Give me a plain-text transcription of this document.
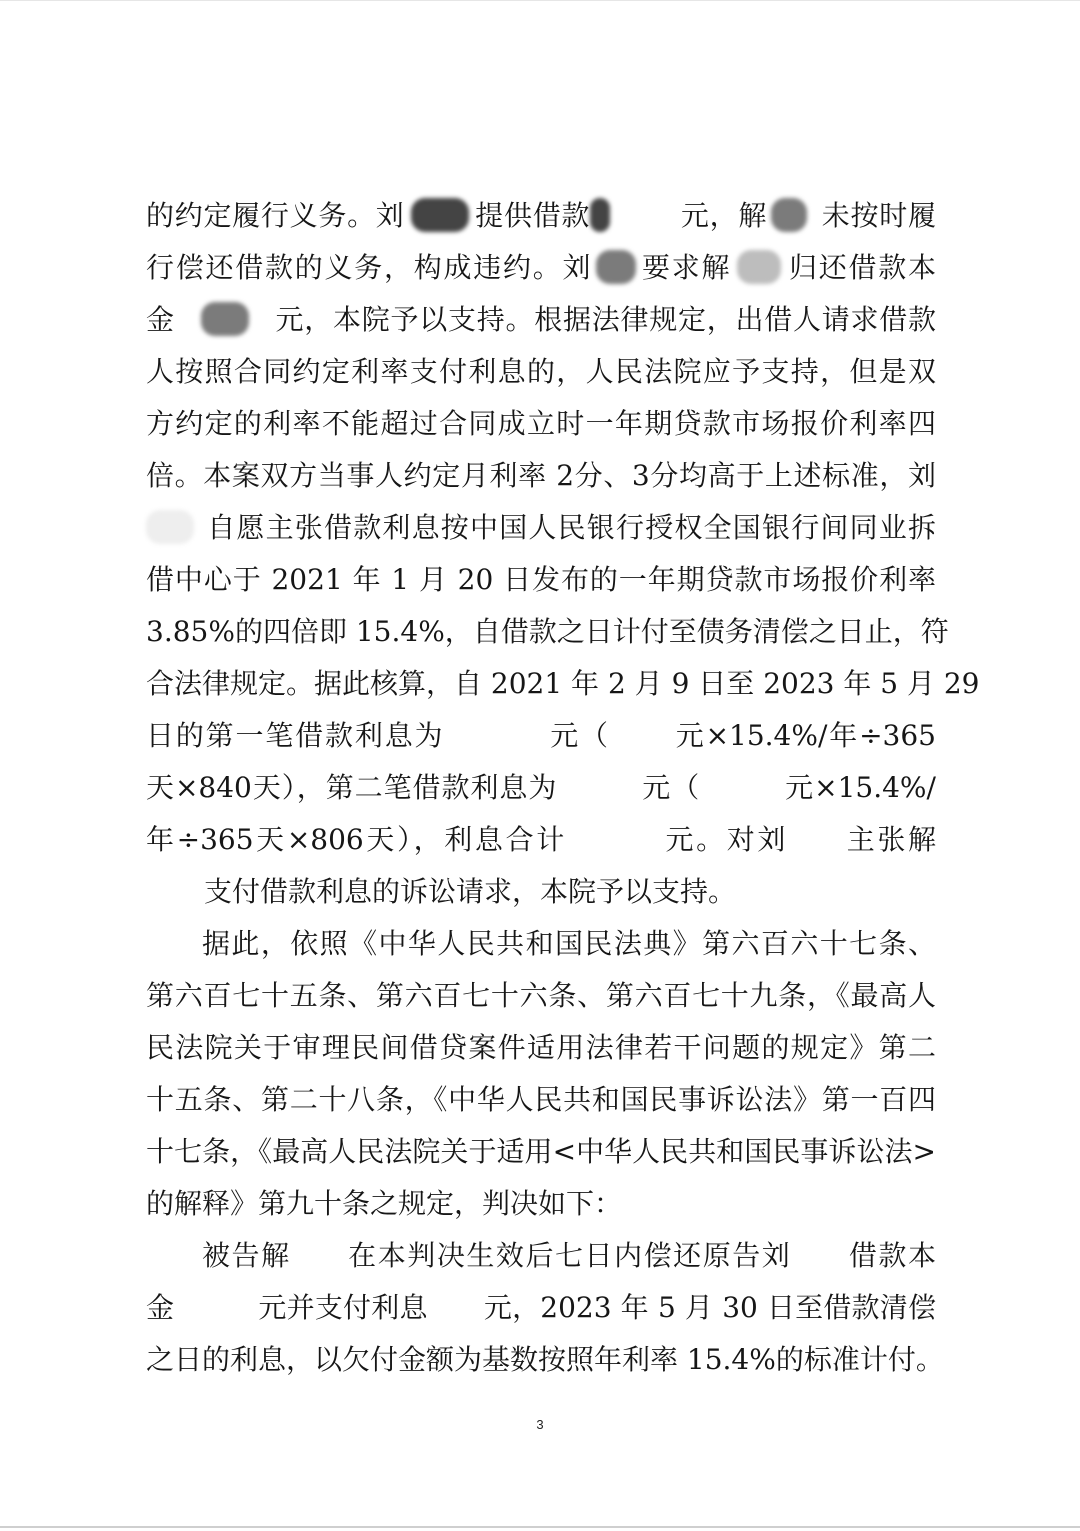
的约定履行义务。刘	提供借款	元，解 未按时履
行偿还借款的义务，构成违约。刘 要求解 归还借款本
金	元，本院予以支持。根据法律规定，出借人请求借款
人按照合同约定利率支付利息的，人民法院应予支持，但是双
方约定的利率不能超过合同成立时一年期贷款市场报价利率四
倍。本案双方当事人约定月利率 2分、3分均高于上述标准，刘
自愿主张借款利息按中国人民银行授权全国银行间同业拆
借中心于 2021 年 1 月 20 日发布的一年期贷款市场报价利率
3.85%的四倍即 15.4%，自借款之日计付至债务清偿之日止，符
合法律规定。据此核算，自 2021 年 2 月 9 日至 2023 年 5 月 29
日的第一笔借款利息为	元（ 元×15.4%/年÷365
天×840天），第二笔借款利息为	元（	元×15.4%/
年÷365天×806天），利息合计	元。对刘 主张解
支付借款利息的诉讼请求，本院予以支持。
据此，依照《中华人民共和国民法典》第六百六十七条、
第六百七十五条、第六百七十六条、第六百七十九条，《最高人
民法院关于审理民间借贷案件适用法律若干问题的规定》第二
十五条、第二十八条，《中华人民共和国民事诉讼法》第一百四
十七条，《最高人民法院关于适用<中华人民共和国民事诉讼法>
的解释》第九十条之规定，判决如下：
被告解 在本判决生效后七日内偿还原告刘 借款本
金	元并支付利息 元，2023 年 5 月 30 日至借款清偿
之日的利息，以欠付金额为基数按照年利率 15.4%的标准计付。
3
